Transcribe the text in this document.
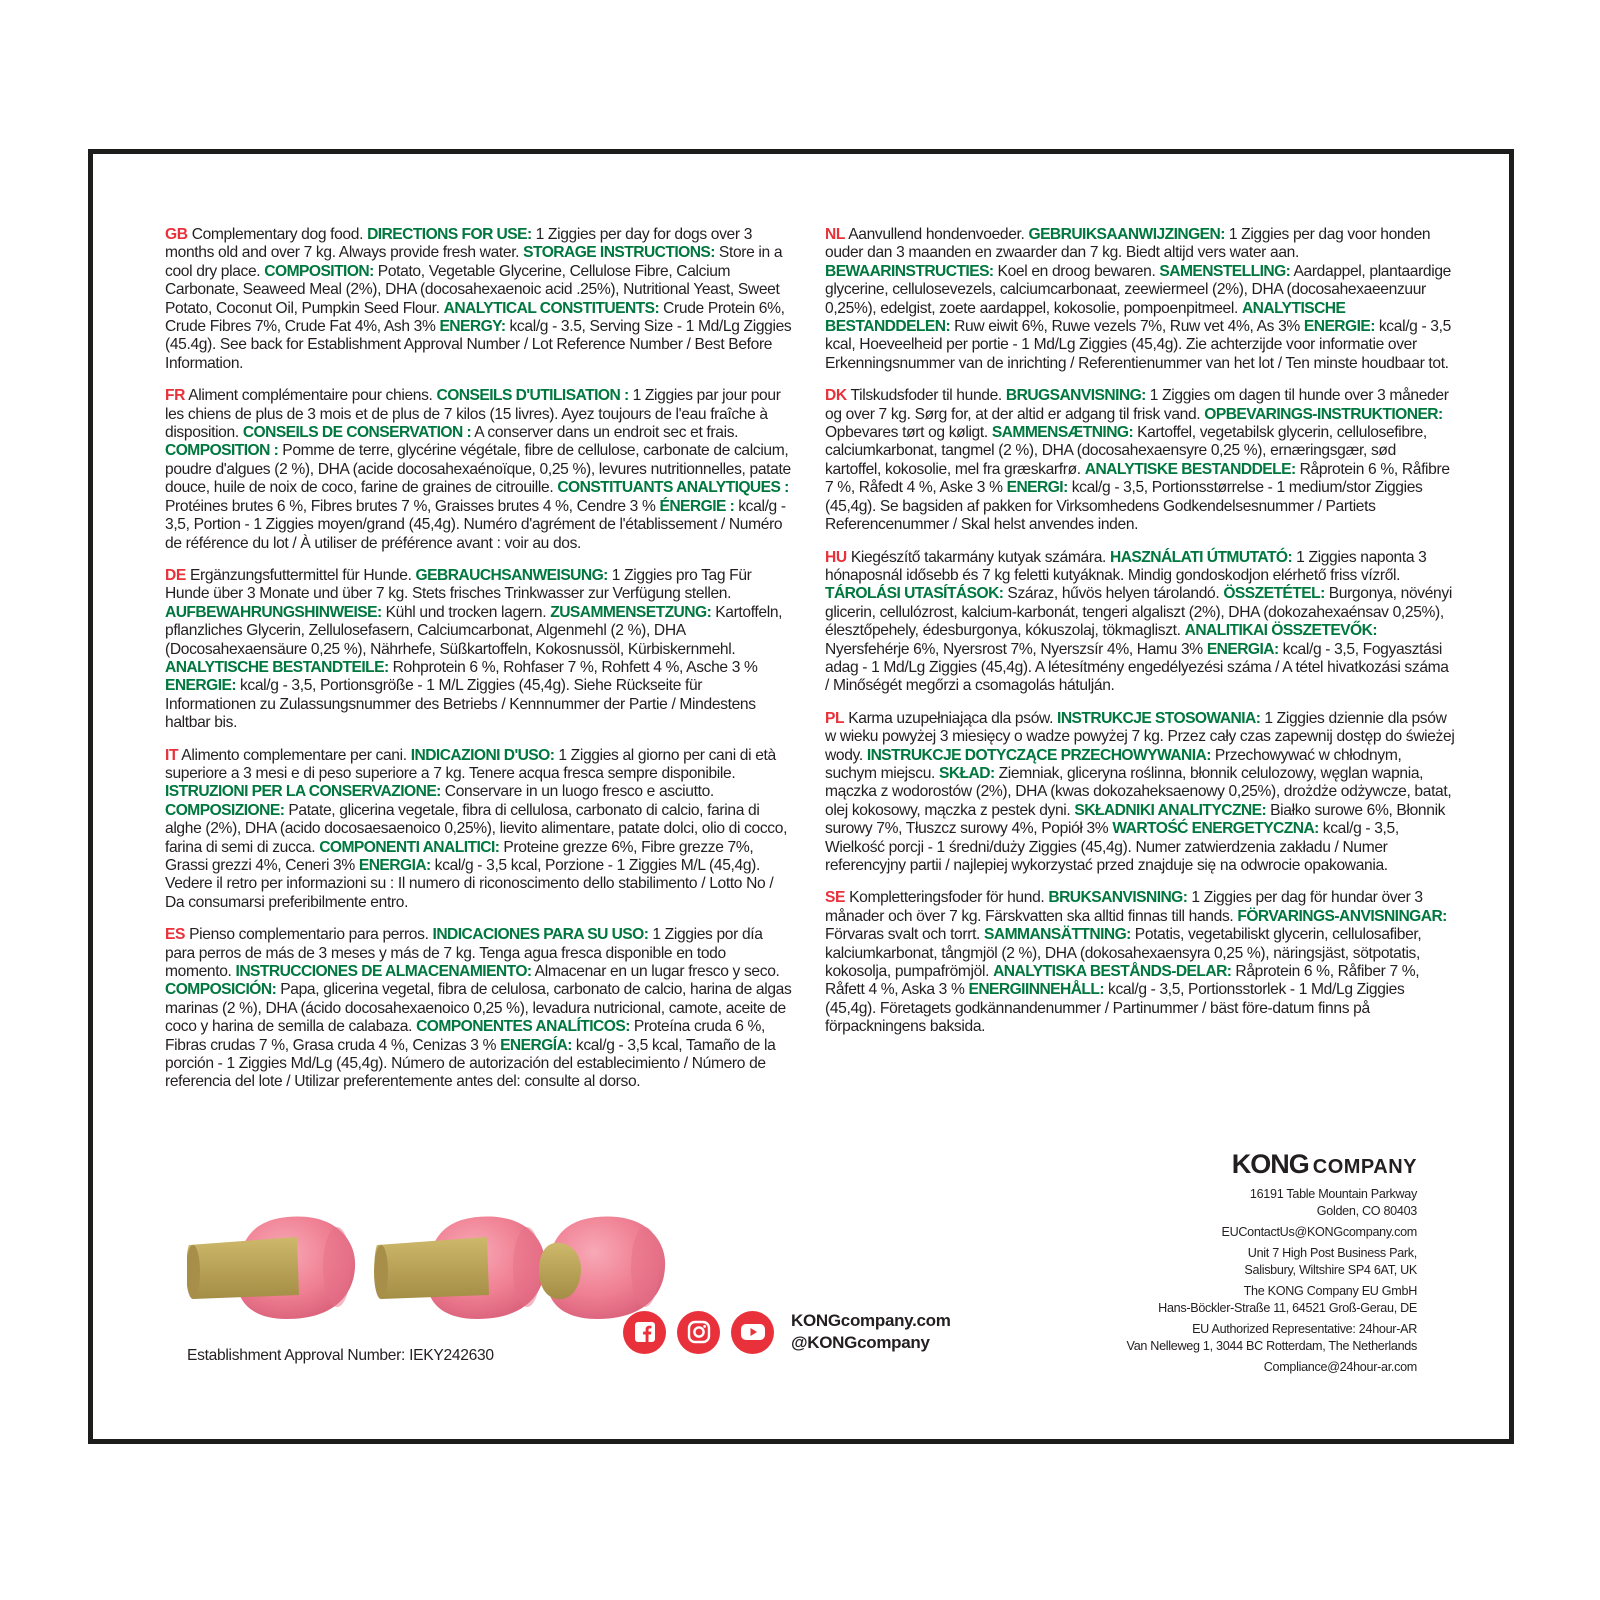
GB Complementary dog food. DIRECTIONS FOR USE: 1 Ziggies per day for dogs over 3 months old and over 7 kg. Always provide fresh water. STORAGE INSTRUCTIONS: Store in a cool dry place. COMPOSITION: Potato, Vegetable Glycerine, Cellulose Fibre, Calcium Carbonate, Seaweed Meal (2%), DHA (docosahexaenoic acid .25%), Nutritional Yeast, Sweet Potato, Coconut Oil, Pumpkin Seed Flour. ANALYTICAL CONSTITUENTS: Crude Protein 6%, Crude Fibres 7%, Crude Fat 4%, Ash 3% ENERGY: kcal/g - 3.5, Serving Size - 1 Md/Lg Ziggies (45.4g). See back for Establishment Approval Number / Lot Reference Number / Best Before Information.
FR Aliment complémentaire pour chiens. CONSEILS D'UTILISATION : 1 Ziggies par jour pour les chiens de plus de 3 mois et de plus de 7 kilos (15 livres). Ayez toujours de l'eau fraîche à disposition. CONSEILS DE CONSERVATION : A conserver dans un endroit sec et frais. COMPOSITION : Pomme de terre, glycérine végétale, fibre de cellulose, carbonate de calcium, poudre d'algues (2 %), DHA (acide docosahexaénoïque, 0,25 %), levures nutritionnelles, patate douce, huile de noix de coco, farine de graines de citrouille. CONSTITUANTS ANALYTIQUES : Protéines brutes 6 %, Fibres brutes 7 %, Graisses brutes 4 %, Cendre 3 % ÉNERGIE : kcal/g - 3,5, Portion - 1 Ziggies moyen/grand (45,4g). Numéro d'agrément de l'établissement / Numéro de référence du lot / À utiliser de préférence avant : voir au dos.
DE Ergänzungsfuttermittel für Hunde. GEBRAUCHSANWEISUNG: 1 Ziggies pro Tag Für Hunde über 3 Monate und über 7 kg. Stets frisches Trinkwasser zur Verfügung stellen. AUFBEWAHRUNGSHINWEISE: Kühl und trocken lagern. ZUSAMMENSETZUNG: Kartoffeln, pflanzliches Glycerin, Zellulosefasern, Calciumcarbonat, Algenmehl (2 %), DHA (Docosahexaensäure 0,25 %), Nährhefe, Süßkartoffeln, Kokosnussöl, Kürbiskernmehl. ANALYTISCHE BESTANDTEILE: Rohprotein 6 %, Rohfaser 7 %, Rohfett 4 %, Asche 3 % ENERGIE: kcal/g - 3,5, Portionsgröße - 1 M/L Ziggies (45,4g). Siehe Rückseite für Informationen zu Zulassungsnummer des Betriebs / Kennnummer der Partie / Mindestens haltbar bis.
IT Alimento complementare per cani. INDICAZIONI D'USO: 1 Ziggies al giorno per cani di età superiore a 3 mesi e di peso superiore a 7 kg. Tenere acqua fresca sempre disponibile. ISTRUZIONI PER LA CONSERVAZIONE: Conservare in un luogo fresco e asciutto. COMPOSIZIONE: Patate, glicerina vegetale, fibra di cellulosa, carbonato di calcio, farina di alghe (2%), DHA (acido docosaesaenoico 0,25%), lievito alimentare, patate dolci, olio di cocco, farina di semi di zucca. COMPONENTI ANALITICI: Proteine grezze 6%, Fibre grezze 7%, Grassi grezzi 4%, Ceneri 3% ENERGIA: kcal/g - 3,5 kcal, Porzione - 1 Ziggies M/L (45,4g). Vedere il retro per informazioni su : Il numero di riconoscimento dello stabilimento / Lotto No / Da consumarsi preferibilmente entro.
ES Pienso complementario para perros. INDICACIONES PARA SU USO: 1 Ziggies por día para perros de más de 3 meses y más de 7 kg. Tenga agua fresca disponible en todo momento. INSTRUCCIONES DE ALMACENAMIENTO: Almacenar en un lugar fresco y seco. COMPOSICIÓN: Papa, glicerina vegetal, fibra de celulosa, carbonato de calcio, harina de algas marinas (2 %), DHA (ácido docosahexaenoico 0,25 %), levadura nutricional, camote, aceite de coco y harina de semilla de calabaza. COMPONENTES ANALÍTICOS: Proteína cruda 6 %, Fibras crudas 7 %, Grasa cruda 4 %, Cenizas 3 % ENERGÍA: kcal/g - 3,5 kcal, Tamaño de la porción - 1 Ziggies Md/Lg (45,4g). Número de autorización del establecimiento / Número de referencia del lote / Utilizar preferentemente antes del: consulte al dorso.
NL Aanvullend hondenvoeder. GEBRUIKSAANWIJZINGEN: 1 Ziggies per dag voor honden ouder dan 3 maanden en zwaarder dan 7 kg. Biedt altijd vers water aan. BEWAARINSTRUCTIES: Koel en droog bewaren. SAMENSTELLING: Aardappel, plantaardige glycerine, cellulosevezels, calciumcarbonaat, zeewiermeel (2%), DHA (docosahexaeenzuur 0,25%), edelgist, zoete aardappel, kokosolie, pompoenpitmeel. ANALYTISCHE BESTANDDELEN: Ruw eiwit 6%, Ruwe vezels 7%, Ruw vet 4%, As 3% ENERGIE: kcal/g - 3,5 kcal, Hoeveelheid per portie - 1 Md/Lg Ziggies (45,4g). Zie achterzijde voor informatie over Erkenningsnummer van de inrichting / Referentienummer van het lot / Ten minste houdbaar tot.
DK Tilskudsfoder til hunde. BRUGSANVISNING: 1 Ziggies om dagen til hunde over 3 måneder og over 7 kg. Sørg for, at der altid er adgang til frisk vand. OPBEVARINGS-INSTRUKTIONER: Opbevares tørt og køligt. SAMMENSÆTNING: Kartoffel, vegetabilsk glycerin, cellulosefibre, calciumkarbonat, tangmel (2 %), DHA (docosahexaensyre 0,25 %), ernæringsgær, sød kartoffel, kokosolie, mel fra græskarfrø. ANALYTISKE BESTANDDELE: Råprotein 6 %, Råfibre 7 %, Råfedt 4 %, Aske 3 % ENERGI: kcal/g - 3,5, Portionsstørrelse - 1 medium/stor Ziggies (45,4g). Se bagsiden af pakken for Virksomhedens Godkendelsesnummer / Partiets Referencenummer / Skal helst anvendes inden.
HU Kiegészítő takarmány kutyak számára. HASZNÁLATI ÚTMUTATÓ: 1 Ziggies naponta 3 hónaposnál idősebb és 7 kg feletti kutyáknak. Mindig gondoskodjon elérhető friss vízről. TÁROLÁSI UTASÍTÁSOK: Száraz, hűvös helyen tárolandó. ÖSSZETÉTEL: Burgonya, növényi glicerin, cellulózrost, kalcium-karbonát, tengeri algaliszt (2%), DHA (dokozahexaénsav 0,25%), élesztőpehely, édesburgonya, kókuszolaj, tökmagliszt. ANALITIKAI ÖSSZETEVŐK: Nyersfehérje 6%, Nyersrost 7%, Nyerszsír 4%, Hamu 3% ENERGIA: kcal/g - 3,5, Fogyasztási adag - 1 Md/Lg Ziggies (45,4g). A létesítmény engedélyezési száma / A tétel hivatkozási száma / Minőségét megőrzi a csomagolás hátulján.
PL Karma uzupełniająca dla psów. INSTRUKCJE STOSOWANIA: 1 Ziggies dziennie dla psów w wieku powyżej 3 miesięcy o wadze powyżej 7 kg. Przez cały czas zapewnij dostęp do świeżej wody. INSTRUKCJE DOTYCZĄCE PRZECHOWYWANIA: Przechowywać w chłodnym, suchym miejscu. SKŁAD: Ziemniak, gliceryna roślinna, błonnik celulozowy, węglan wapnia, mączka z wodorostów (2%), DHA (kwas dokozaheksaenowy 0,25%), drożdże odżywcze, batat, olej kokosowy, mączka z pestek dyni. SKŁADNIKI ANALITYCZNE: Białko surowe 6%, Błonnik surowy 7%, Tłuszcz surowy 4%, Popiół 3% WARTOŚĆ ENERGETYCZNA: kcal/g - 3,5, Wielkość porcji - 1 średni/duży Ziggies (45,4g). Numer zatwierdzenia zakładu / Numer referencyjny partii / najlepiej wykorzystać przed znajduje się na odwrocie opakowania.
SE Kompletteringsfoder för hund. BRUKSANVISNING: 1 Ziggies per dag för hundar över 3 månader och över 7 kg. Färskvatten ska alltid finnas till hands. FÖRVARINGS-ANVISNINGAR: Förvaras svalt och torrt. SAMMANSÄTTNING: Potatis, vegetabiliskt glycerin, cellulosafiber, kalciumkarbonat, tångmjöl (2 %), DHA (dokosahexaensyra 0,25 %), näringsjäst, sötpotatis, kokosolja, pumpafrömjöl. ANALYTISKA BESTÅNDS-DELAR: Råprotein 6 %, Råfiber 7 %, Råfett 4 %, Aska 3 % ENERGIINNEHÅLL: kcal/g - 3,5, Portionsstorlek - 1 Md/Lg Ziggies (45,4g). Företagets godkännandenummer / Partinummer / bäst före-datum finns på förpackningens baksida.
KONG COMPANY
16191 Table Mountain Parkway
Golden, CO 80403
EUContactUs@KONGcompany.com
Unit 7 High Post Business Park,
Salisbury, Wiltshire SP4 6AT, UK
The KONG Company EU GmbH
Hans-Böckler-Straße 11, 64521 Groß-Gerau, DE
EU Authorized Representative: 24hour-AR
Van Nelleweg 1, 3044 BC Rotterdam, The Netherlands
Compliance@24hour-ar.com
Establishment Approval Number: IEKY242630
KONGcompany.com
@KONGcompany
